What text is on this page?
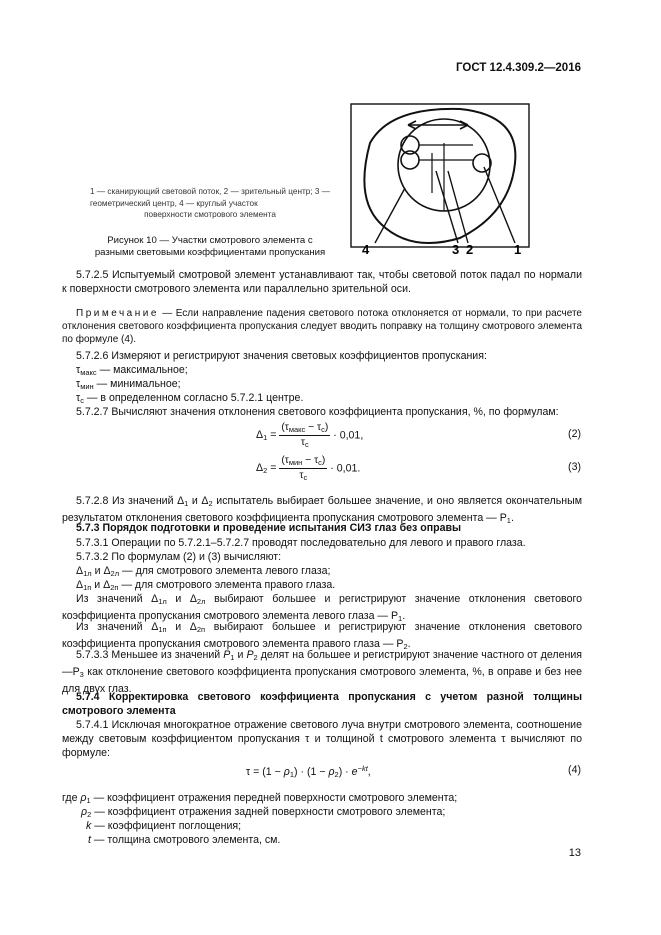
ГОСТ 12.4.309.2—2016
4	3 2	1
1 — сканирующий световой поток, 2 — зрительный центр; 3 — геометрический центр, 4 — круглый участок
поверхности смотрового элемента
Рисунок 10 — Участки смотрового элемента с разными световыми коэффициентами пропускания
5.7.2.5 Испытуемый смотровой элемент устанавливают так, чтобы световой поток падал по нормали к поверхности смотрового элемента или параллельно зрительной оси.
Примечание — Если направление падения светового потока отклоняется от нормали, то при расчете отклонения светового коэффициента пропускания следует вводить поправку на толщину смотрового элемента по формуле (4).
5.7.2.6 Измеряют и регистрируют значения световых коэффициентов пропускания:
$\tau_{макс}$ — максимальное;
$\tau_{мин}$ — минимальное;
$\tau_c$ — в определенном согласно 5.7.2.1 центре.
5.7.2.7 Вычисляют значения отклонения светового коэффициента пропускания, %, по формулам:
$\Delta_1 = \frac{(\tau_{макс} - \tau_c)}{\tau_c} \cdot 0,01$,	(2)
$\Delta_2 = \frac{(\tau_{мин} - \tau_c)}{\tau_c} \cdot 0,01$.	(3)
5.7.2.8 Из значений $\Delta_1$ и $\Delta_2$ испытатель выбирает большее значение, и оно является окончательным результатом отклонения светового коэффициента пропускания смотрового элемента — $P_1$.
5.7.3 Порядок подготовки и проведение испытания СИЗ глаз без оправы
5.7.3.1 Операции по 5.7.2.1–5.7.2.7 проводят последовательно для левого и правого глаза.
5.7.3.2 По формулам (2) и (3) вычисляют:
$\Delta_{1л}$ и $\Delta_{2л}$ — для смотрового элемента левого глаза;
$\Delta_{1п}$ и $\Delta_{2п}$ — для смотрового элемента правого глаза.
Из значений $\Delta_{1л}$ и $\Delta_{2л}$ выбирают большее и регистрируют значение отклонения светового коэффициента пропускания смотрового элемента левого глаза — $P_1$.
Из значений $\Delta_{1п}$ и $\Delta_{2п}$ выбирают большее и регистрируют значение отклонения светового коэффициента пропускания смотрового элемента правого глаза — $P_2$.
5.7.3.3 Меньшее из значений $P_1$ и $P_2$ делят на большее и регистрируют значение частного от деления $—P_3$ как отклонение светового коэффициента пропускания смотрового элемента, %, в оправе и без нее для двух глаз.
5.7.4 Корректировка светового коэффициента пропускания с учетом разной толщины смотрового элемента
5.7.4.1 Исключая многократное отражение светового луча внутри смотрового элемента, соотношение между световым коэффициентом пропускания τ и толщиной t смотрового элемента τ вычисляют по формуле:
$\tau = (1 - \rho_1) \cdot (1 - \rho_2) \cdot e^{-kt}$,	(4)
где $\rho_1$ — коэффициент отражения передней поверхности смотрового элемента;
$\rho_2$ — коэффициент отражения задней поверхности смотрового элемента;
k — коэффициент поглощения;
t — толщина смотрового элемента, см.
13
